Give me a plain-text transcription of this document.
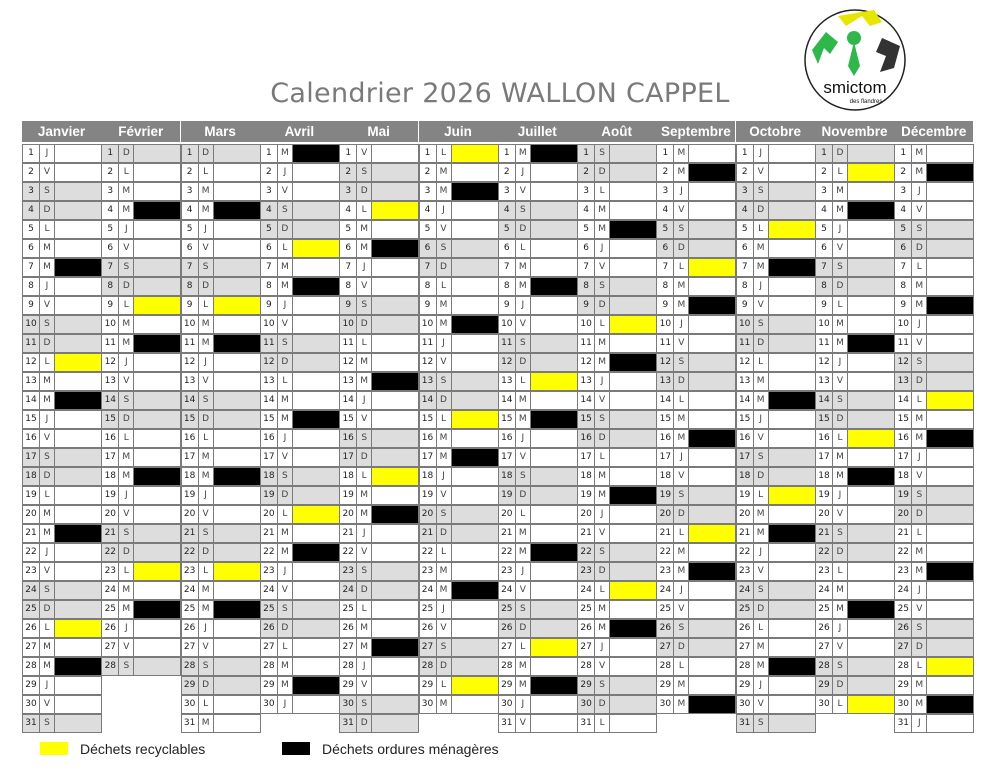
Calendrier 2026 WALLON CAPPEL	smictom
des flandres
Janvier
1	J
2	V
3	S
4	D
5	L
6	M
7	M
8	J
9	V
10 S
11 D
12 L
13 M
14 M
15 J
16 V
17 S
18 D
19 L
20 M
21 M
22 J
23 V
24 S
25 D
26 L
27 M
28 M
29 J
30 V
31 S
Février
1	D
2	L
3	M
4	M
5	J
6	V
7	S
8	D
9	L
10 M
11 M
12 J
13 V
14 S
15 D
16 L
17 M
18 M
19 J
20 V
21 S
22 D
23 L
24 M
25 M
26 J
27 V
28 S
Mars
1	D
2	L
3	M
4	M
5	J
6	V
7	S
8	D
9	L
10 M
11 M
12 J
13 V
14 S
15 D
16 L
17 M
18 M
19 J
20 V
21 S
22 D
23 L
24 M
25 M
26 J
27 V
28 S
29 D
30 L
31 M
Avril
1	M
2	J
3	V
4	S
5	D
6	L
7	M
8	M
9	J
10 V
11 S
12 D
13 L
14 M
15 M
16 J
17 V
18 S
19 D
20 L
21 M
22 M
23 J
24 V
25 S
26 D
27 L
28 M
29 M
30 J
Mai
1	V
2	S
3	D
4	L
5	M
6	M
7	J
8	V
9	S
10 D
11 L
12 M
13 M
14 J
15 V
16 S
17 D
18 L
19 M
20 M
21 J
22 V
23 S
24 D
25 L
26 M
27 M
28 J
29 V
30 S
31 D
Juin
1	L
2	M
3	M
4	J
5	V
6	S
7	D
8	L
9	M
10 M
11 J
12 V
13 S
14 D
15 L
16 M
17 M
18 J
19 V
20 S
21 D
22 L
23 M
24 M
25 J
26 V
27 S
28 D
29 L
30 M
Juillet
1	M
2	J
3	V
4	S
5	D
6	L
7	M
8	M
9	J
10 V
11 S
12 D
13 L
14 M
15 M
16 J
17 V
18 S
19 D
20 L
21 M
22 M
23 J
24 V
25 S
26 D
27 L
28 M
29 M
30 J
31 V
Août
1	S
2	D
3	L
4	M
5	M
6	J
7	V
8	S
9	D
10 L
11 M
12 M
13 J
14 V
15 S
16 D
17 L
18 M
19 M
20 J
21 V
22 S
23 D
24 L
25 M
26 M
27 J
28 V
29 S
30 D
31 L
Septembre
1	M
2	M
3	J
4	V
5	S
6	D
7	L
8	M
9	M
10 J
11 V
12 S
13 D
14 L
15 M
16 M
17 J
18 V
19 S
20 D
21 L
22 M
23 M
24 J
25 V
26 S
27 D
28 L
29 M
30 M
Octobre
1	J
2	V
3	S
4	D
5	L
6	M
7	M
8	J
9	V
10 S
11 D
12 L
13 M
14 M
15 J
16 V
17 S
18 D
19 L
20 M
21 M
22 J
23 V
24 S
25 D
26 L
27 M
28 M
29 J
30 V
31 S
Novembre
1	D
2	L
3	M
4	M
5	J
6	V
7	S
8	D
9	L
10 M
11 M
12 J
13 V
14 S
15 D
16 L
17 M
18 M
19 J
20 V
21 S
22 D
23 L
24 M
25 M
26 J
27 V
28 S
29 D
30 L
Décembre
1	M
2	M
3	J
4	V
5	S
6	D
7	L
8	M
9	M
10 J
11 V
12 S
13 D
14 L
15 M
16 M
17 J
18 V
19 S
20 D
21 L
22 M
23 M
24 J
25 V
26 S
27 D
28 L
29 M
30 M
31 J
Déchets recyclables	Déchets ordures ménagères
